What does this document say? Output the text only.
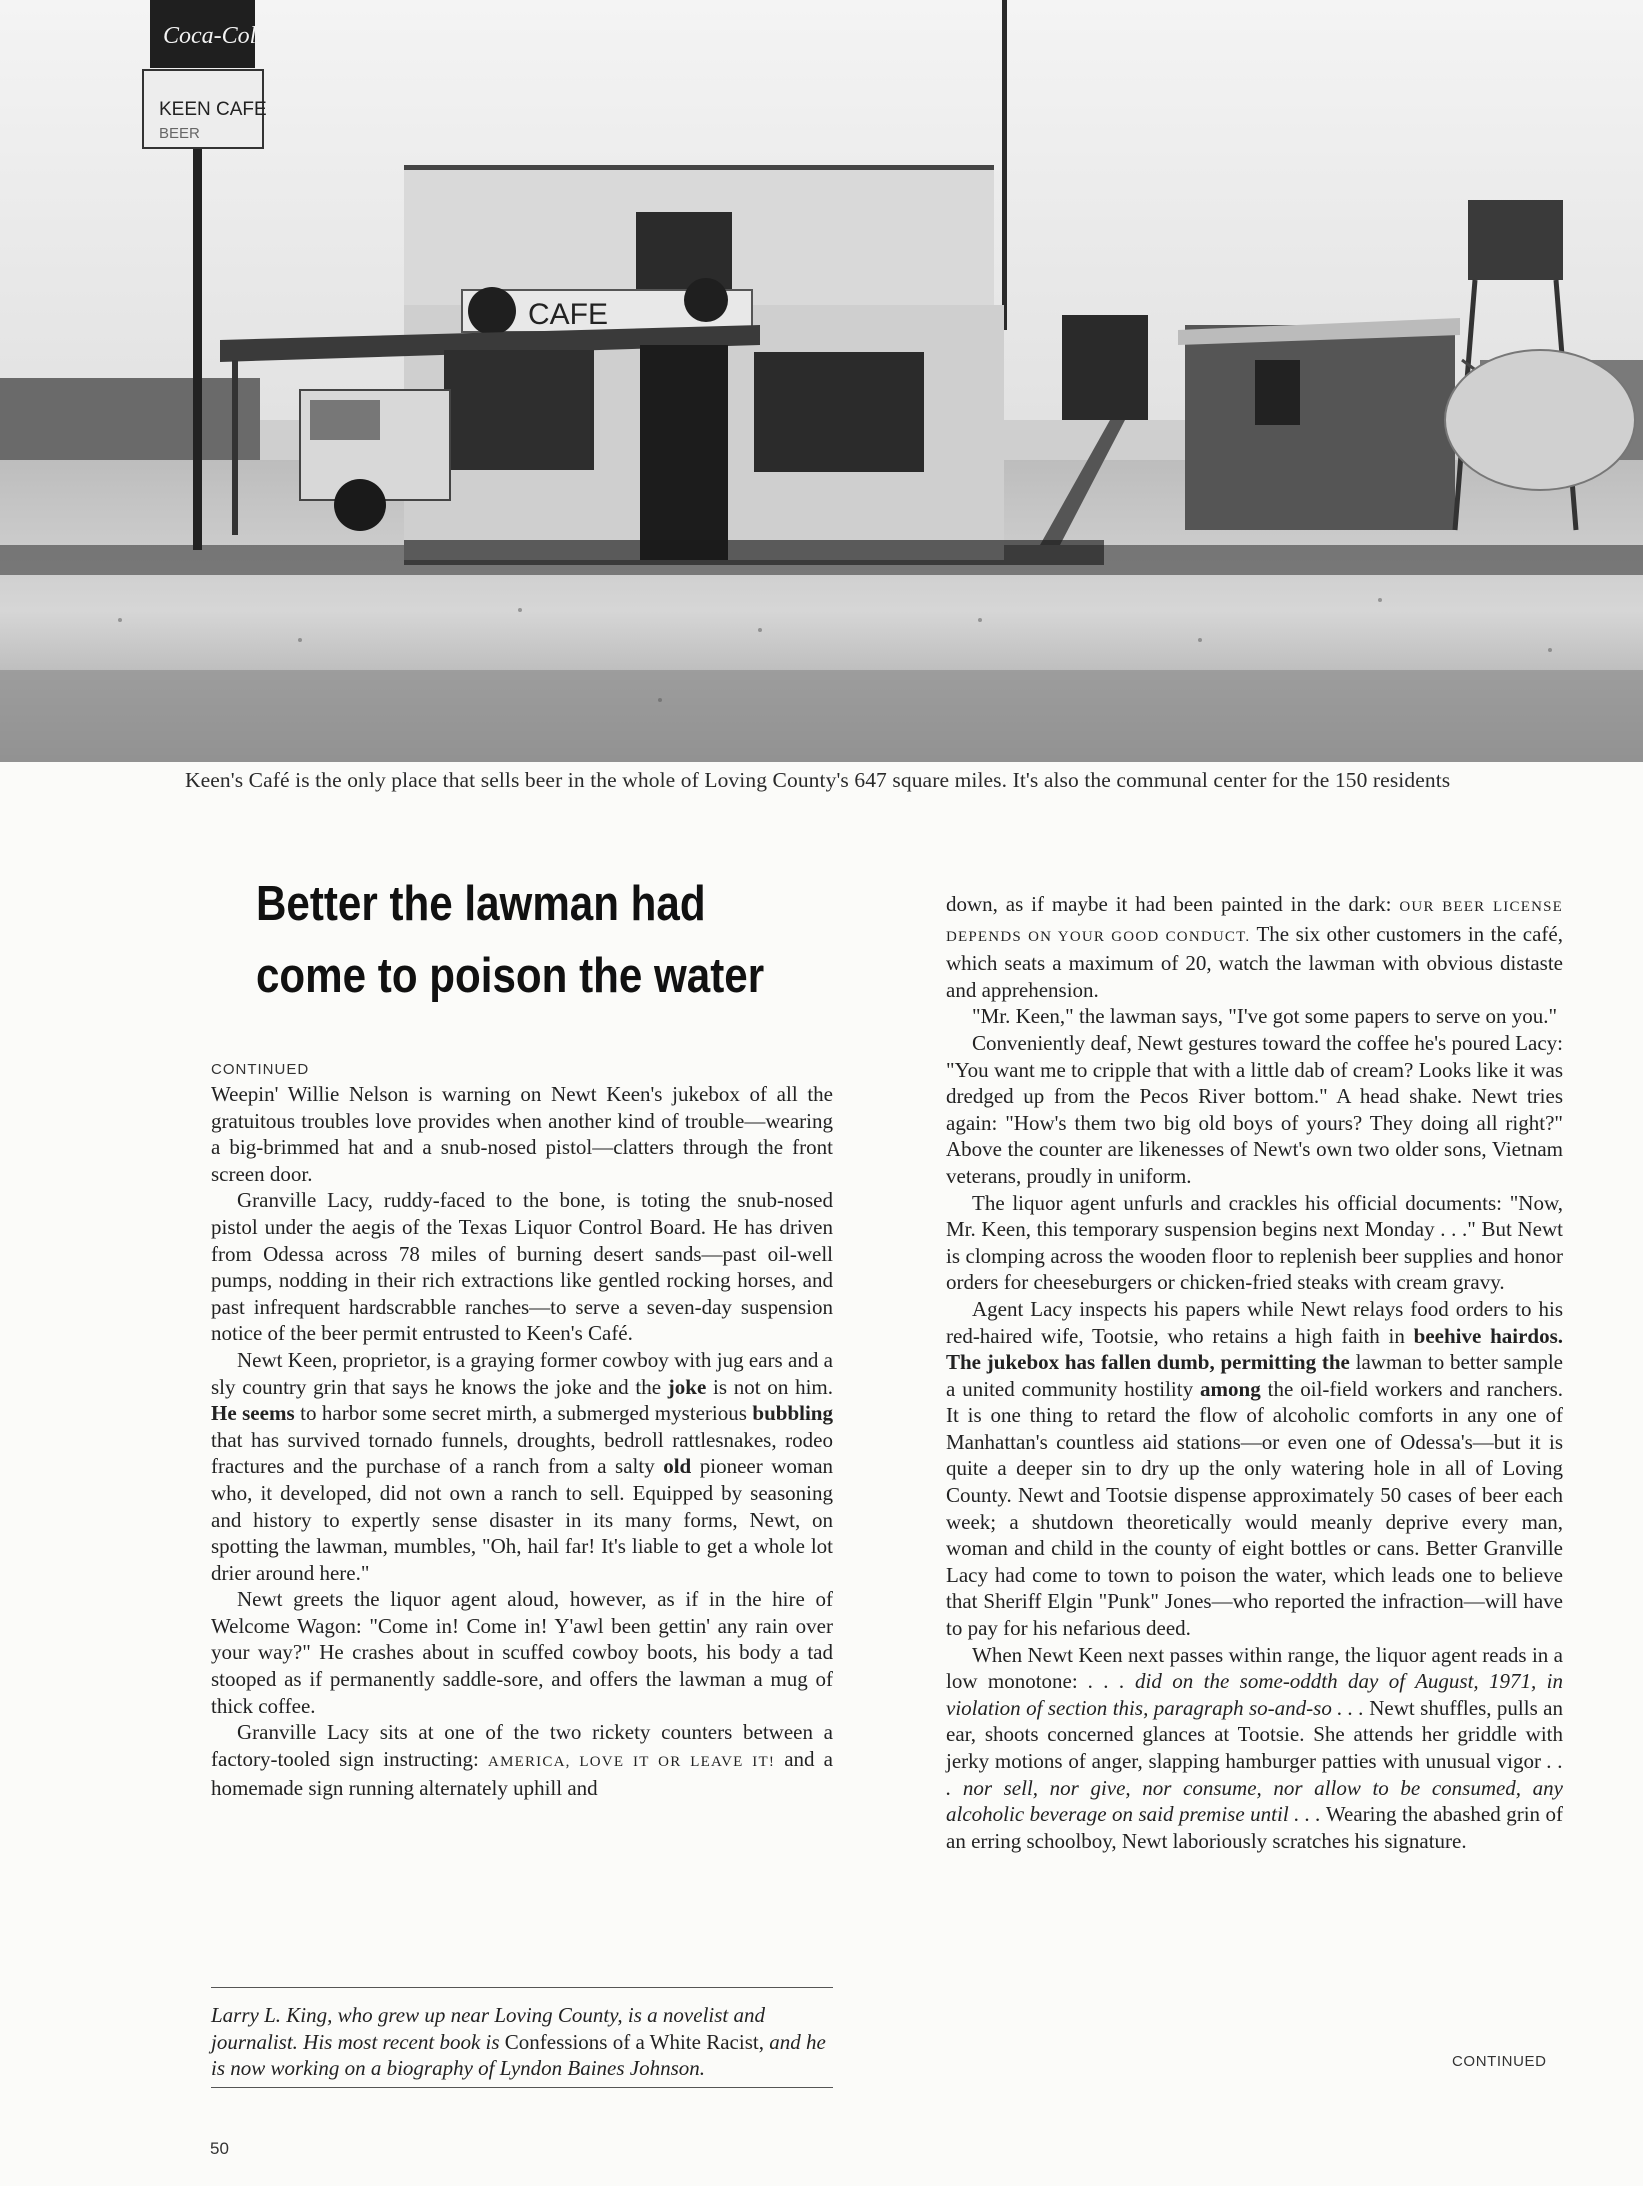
CAFE
Coca-Cola
KEEN CAFE
BEER
Keen's Café is the only place that sells beer in the whole of Loving County's 647 square miles. It's also the communal center for the 150 residents
Better the lawman had
come to poison the water
CONTINUED

Weepin' Willie Nelson is warning on Newt Keen's jukebox of all the gratuitous troubles love provides when another kind of trouble—wearing a big-brimmed hat and a snub-nosed pistol—clatters through the front screen door.

Granville Lacy, ruddy-faced to the bone, is toting the snub-nosed pistol under the aegis of the Texas Liquor Control Board. He has driven from Odessa across 78 miles of burning desert sands—past oil-well pumps, nodding in their rich extractions like gentled rocking horses, and past infrequent hardscrabble ranches—to serve a seven-day suspension notice of the beer permit entrusted to Keen's Café.

Newt Keen, proprietor, is a graying former cowboy with jug ears and a sly country grin that says he knows the joke and the joke is not on him. He seems to harbor some secret mirth, a submerged mysterious bubbling that has survived tornado funnels, droughts, bedroll rattlesnakes, rodeo fractures and the purchase of a ranch from a salty old pioneer woman who, it developed, did not own a ranch to sell. Equipped by seasoning and history to expertly sense disaster in its many forms, Newt, on spotting the lawman, mumbles, "Oh, hail far! It's liable to get a whole lot drier around here."

Newt greets the liquor agent aloud, however, as if in the hire of Welcome Wagon: "Come in! Come in! Y'awl been gettin' any rain over your way?" He crashes about in scuffed cowboy boots, his body a tad stooped as if permanently saddle-sore, and offers the lawman a mug of thick coffee.

Granville Lacy sits at one of the two rickety counters between a factory-tooled sign instructing: AMERICA, LOVE IT OR LEAVE IT! and a homemade sign running alternately uphill and

Larry L. King, who grew up near Loving County, is a novelist and journalist. His most recent book is Confessions of a White Racist, and he is now working on a biography of Lyndon Baines Johnson.

down, as if maybe it had been painted in the dark: OUR BEER LICENSE DEPENDS ON YOUR GOOD CONDUCT. The six other customers in the café, which seats a maximum of 20, watch the lawman with obvious distaste and apprehension.

"Mr. Keen," the lawman says, "I've got some papers to serve on you."

Conveniently deaf, Newt gestures toward the coffee he's poured Lacy: "You want me to cripple that with a little dab of cream? Looks like it was dredged up from the Pecos River bottom." A head shake. Newt tries again: "How's them two big old boys of yours? They doing all right?" Above the counter are likenesses of Newt's own two older sons, Vietnam veterans, proudly in uniform.

The liquor agent unfurls and crackles his official documents: "Now, Mr. Keen, this temporary suspension begins next Monday . . ." But Newt is clomping across the wooden floor to replenish beer supplies and honor orders for cheeseburgers or chicken-fried steaks with cream gravy.

Agent Lacy inspects his papers while Newt relays food orders to his red-haired wife, Tootsie, who retains a high faith in beehive hairdos. The jukebox has fallen dumb, permitting the lawman to better sample a united community hostility among the oil-field workers and ranchers. It is one thing to retard the flow of alcoholic comforts in any one of Manhattan's countless aid stations—or even one of Odessa's—but it is quite a deeper sin to dry up the only watering hole in all of Loving County. Newt and Tootsie dispense approximately 50 cases of beer each week; a shutdown theoretically would meanly deprive every man, woman and child in the county of eight bottles or cans. Better Granville Lacy had come to town to poison the water, which leads one to believe that Sheriff Elgin "Punk" Jones—who reported the infraction—will have to pay for his nefarious deed.

When Newt Keen next passes within range, the liquor agent reads in a low monotone: . . . did on the some-oddth day of August, 1971, in violation of section this, paragraph so-and-so . . . Newt shuffles, pulls an ear, shoots concerned glances at Tootsie. She attends her griddle with jerky motions of anger, slapping hamburger patties with unusual vigor . . . nor sell, nor give, nor consume, nor allow to be consumed, any alcoholic beverage on said premise until . . . Wearing the abashed grin of an erring schoolboy, Newt laboriously scratches his signature.

CONTINUED
50
